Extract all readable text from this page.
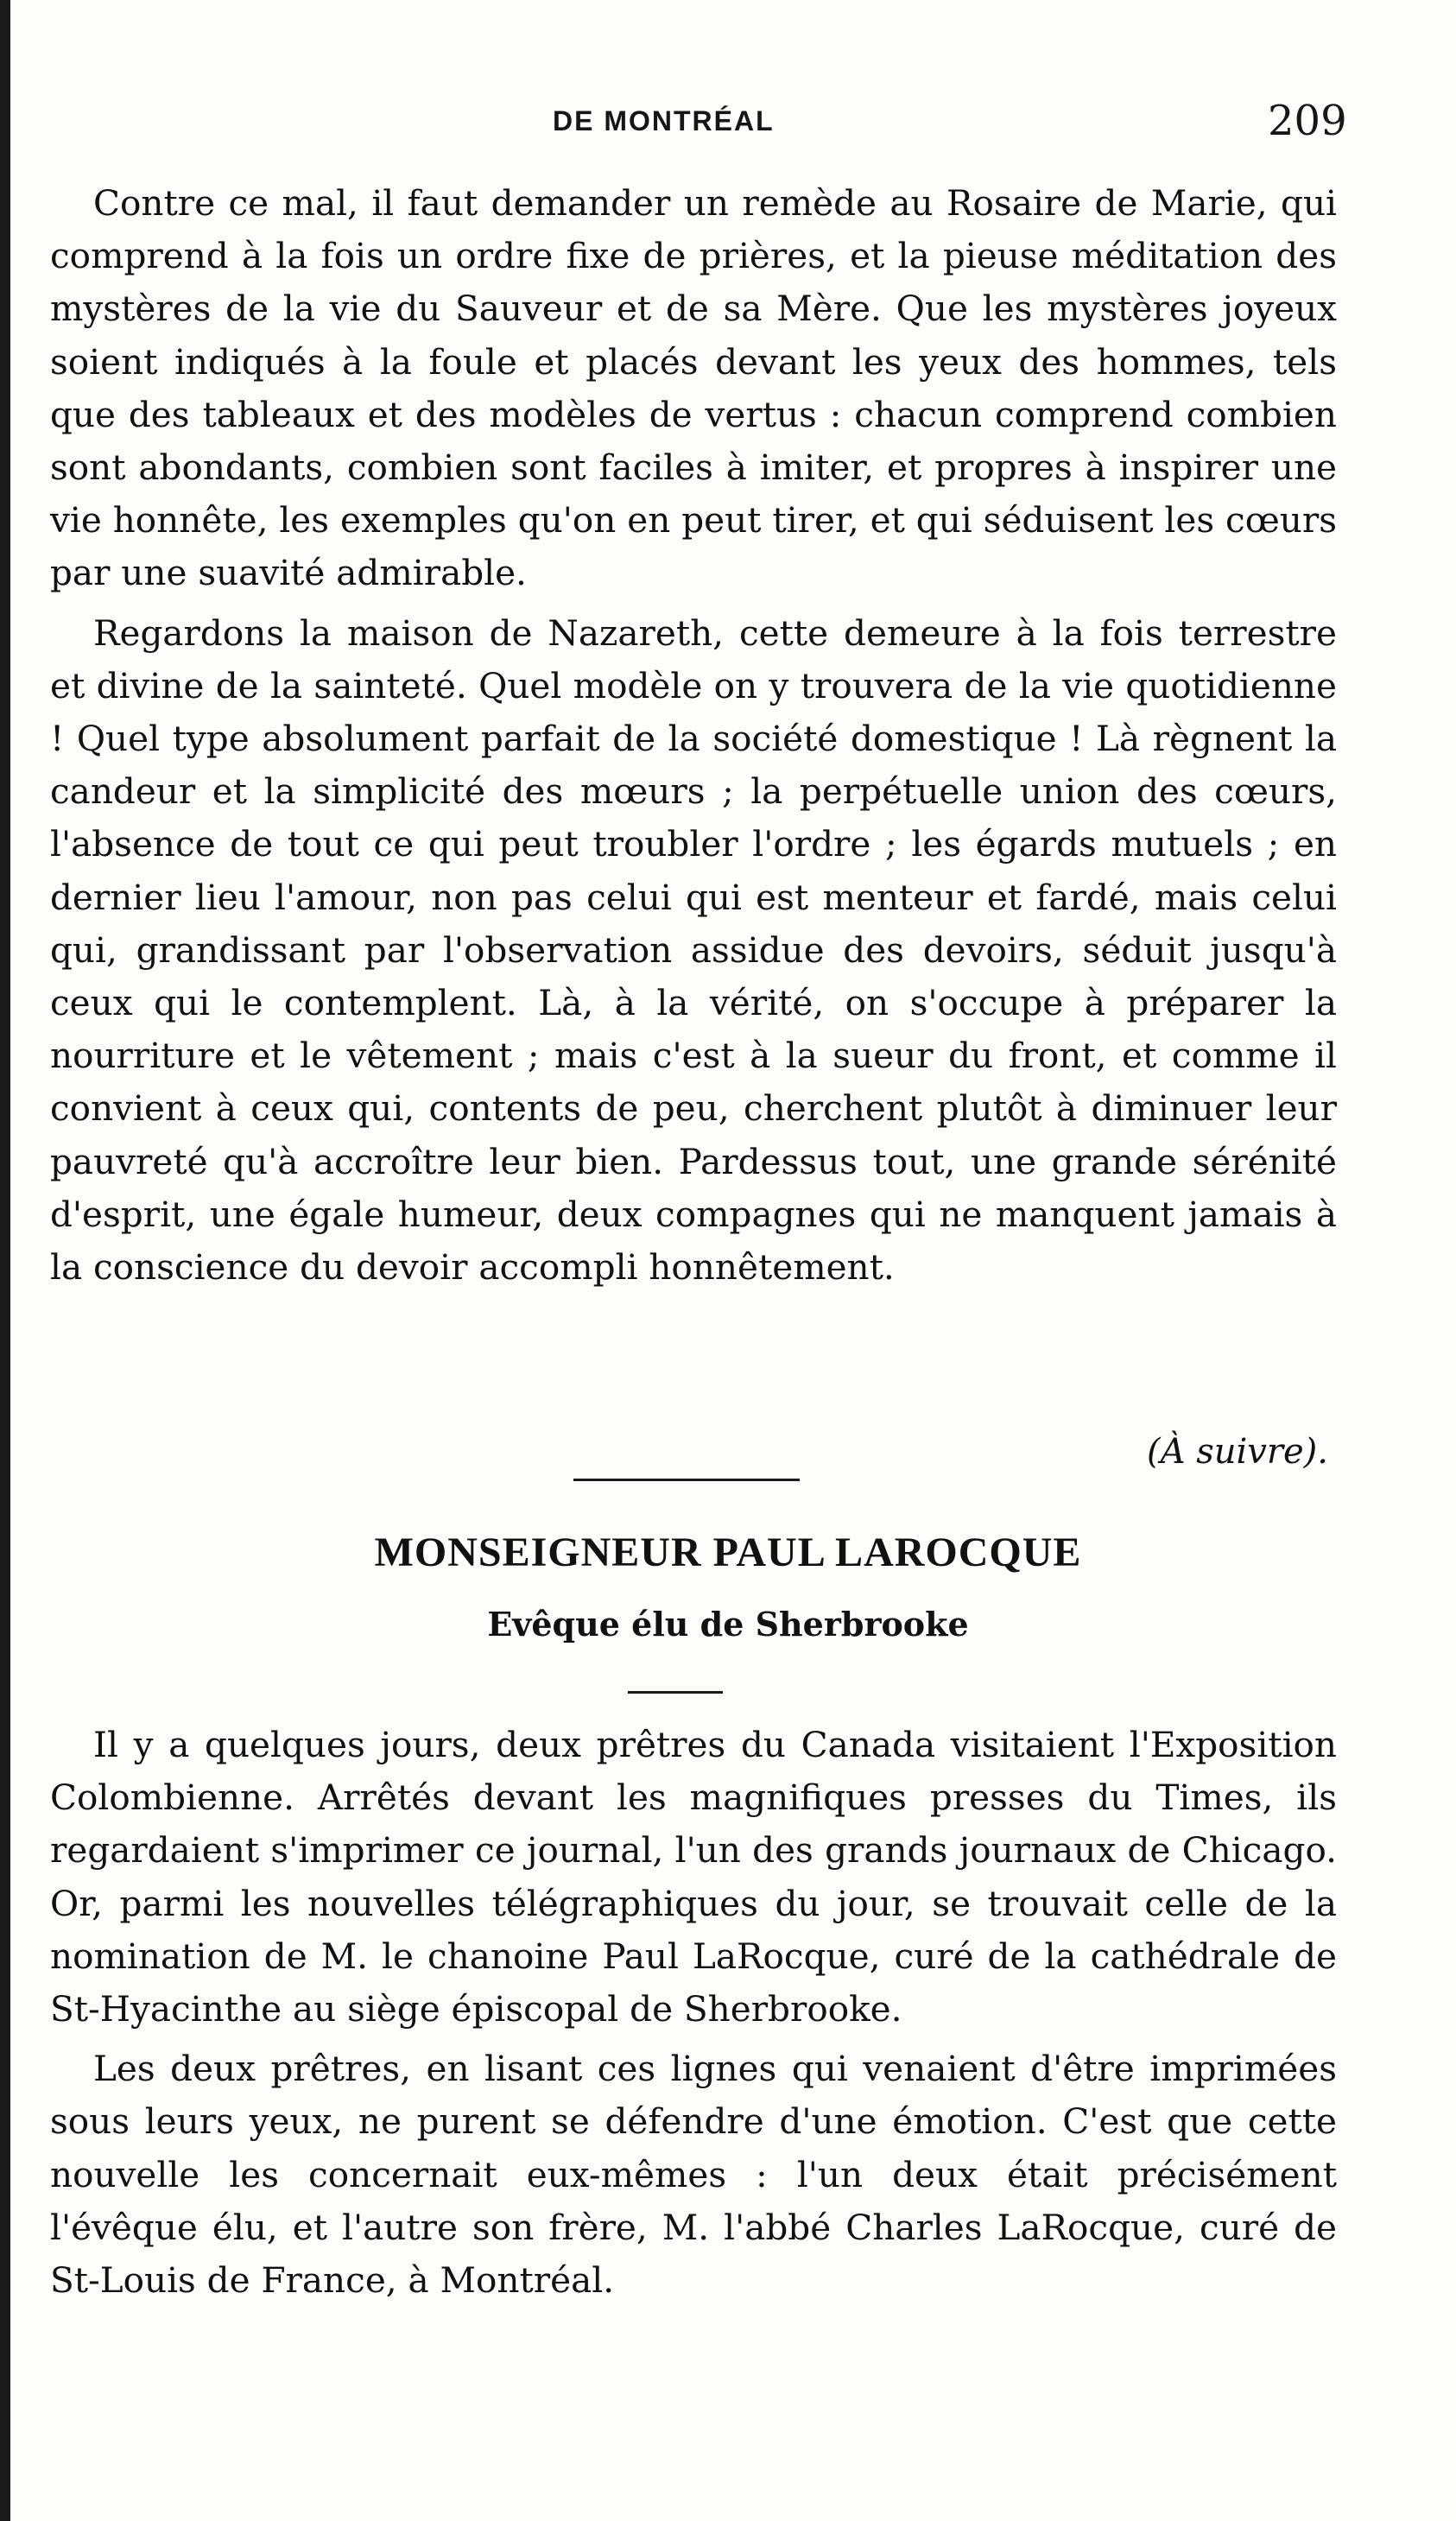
DE MONTRÉAL	209

Contre ce mal, il faut demander un remède au Rosaire de Marie, qui comprend à la fois un ordre fixe de prières, et la pieuse méditation des mystères de la vie du Sauveur et de sa Mère. Que les mystères joyeux soient indiqués à la foule et placés devant les yeux des hommes, tels que des tableaux et des modèles de vertus : chacun comprend combien sont abondants, combien sont faciles à imiter, et propres à inspirer une vie honnête, les exemples qu'on en peut tirer, et qui séduisent les cœurs par une suavité admirable.

Regardons la maison de Nazareth, cette demeure à la fois terrestre et divine de la sainteté. Quel modèle on y trouvera de la vie quotidienne ! Quel type absolument parfait de la société domestique ! Là règnent la candeur et la simplicité des mœurs ; la perpétuelle union des cœurs, l'absence de tout ce qui peut troubler l'ordre ; les égards mutuels ; en dernier lieu l'amour, non pas celui qui est menteur et fardé, mais celui qui, grandissant par l'observation assidue des devoirs, séduit jusqu'à ceux qui le contemplent. Là, à la vérité, on s'occupe à préparer la nourriture et le vêtement ; mais c'est à la sueur du front, et comme il convient à ceux qui, contents de peu, cherchent plutôt à diminuer leur pauvreté qu'à accroître leur bien. Pardessus tout, une grande sérénité d'esprit, une égale humeur, deux compagnes qui ne manquent jamais à la conscience du devoir accompli honnêtement.

(À suivre).
MONSEIGNEUR PAUL LAROCQUE
Evêque élu de Sherbrooke

Il y a quelques jours, deux prêtres du Canada visitaient l'Exposition Colombienne. Arrêtés devant les magnifiques presses du Times, ils regardaient s'imprimer ce journal, l'un des grands journaux de Chicago. Or, parmi les nouvelles télégraphiques du jour, se trouvait celle de la nomination de M. le chanoine Paul LaRocque, curé de la cathédrale de St-Hyacinthe au siège épiscopal de Sherbrooke.

Les deux prêtres, en lisant ces lignes qui venaient d'être imprimées sous leurs yeux, ne purent se défendre d'une émotion. C'est que cette nouvelle les concernait eux-mêmes : l'un deux était précisément l'évêque élu, et l'autre son frère, M. l'abbé Charles LaRocque, curé de St-Louis de France, à Montréal.
